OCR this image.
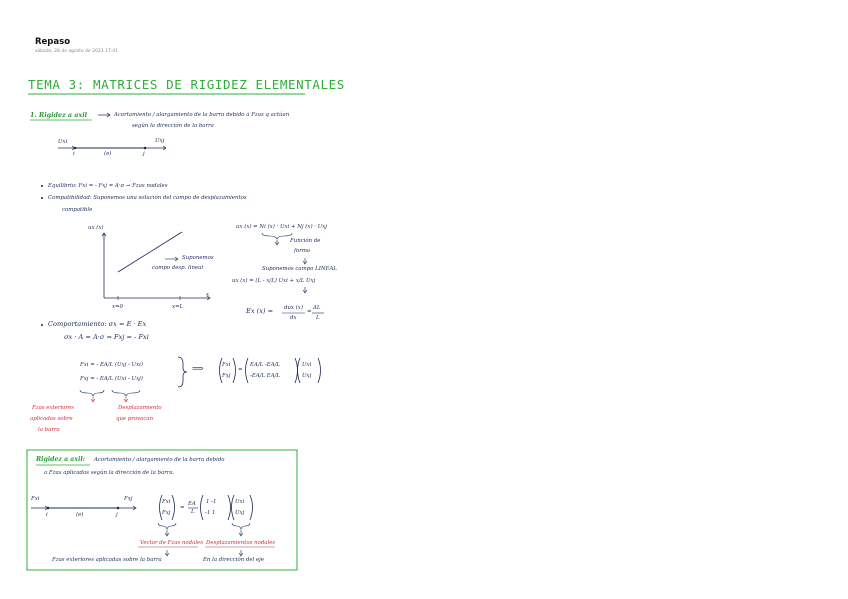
Repaso
sábado, 28 de agosto de 2021 17:41
TEMA 3: MATRICES DE RIGIDEZ ELEMENTALES
1. Rigidez a axil	Acortamiento / alargamiento de la barra debido a Fzas q actúan
según la dirección de la barra
Uxi	Uxj
i	(e)	j
Equilibrio: Fxi = - Fxj = A·σ → Fzas nodales
Compatibilidad: Suponemos una solución del campo de desplazamientos
compatible
ux (x)
x
x=0	x=L
Suponemos
campo desp. lineal
ux (x) = Ni (x) · Uxi + Nj (x) · Uxj
Función de
forma
Suponemos campo LINEAL
ux (x) = (L - x/L) Uxi + x/L Uxj
Ex (x) = dux (x)
dx
=
ΔL
L
Comportamiento: σx = E · Ex
σx · A = A·σ = Fxj = - Fxi
Fxi = - EA/L (Uxj - Uxi)
Fxj = - EA/L (Uxi - Uxj)
⟹	Fxi
Fxj
=
EA/L -EA/L
-EA/L EA/L
Uxi
Uxj
Fzas exteriores
aplicadas sobre
la barra
Desplazamiento
que provocan
Rigidez a axil: Acortamiento / alargamiento de la barra debido
a Fzas aplicadas según la dirección de la barra.
Fxi	Fxj
i	(e)	j
Fxi
Fxj
=
EA
L
1 -1
-1 1
Uxi
Uxj
Vector de Fzas nodales Desplazamientos nodales
Fzas exteriores aplicadas sobre la barra	En la dirección del eje
